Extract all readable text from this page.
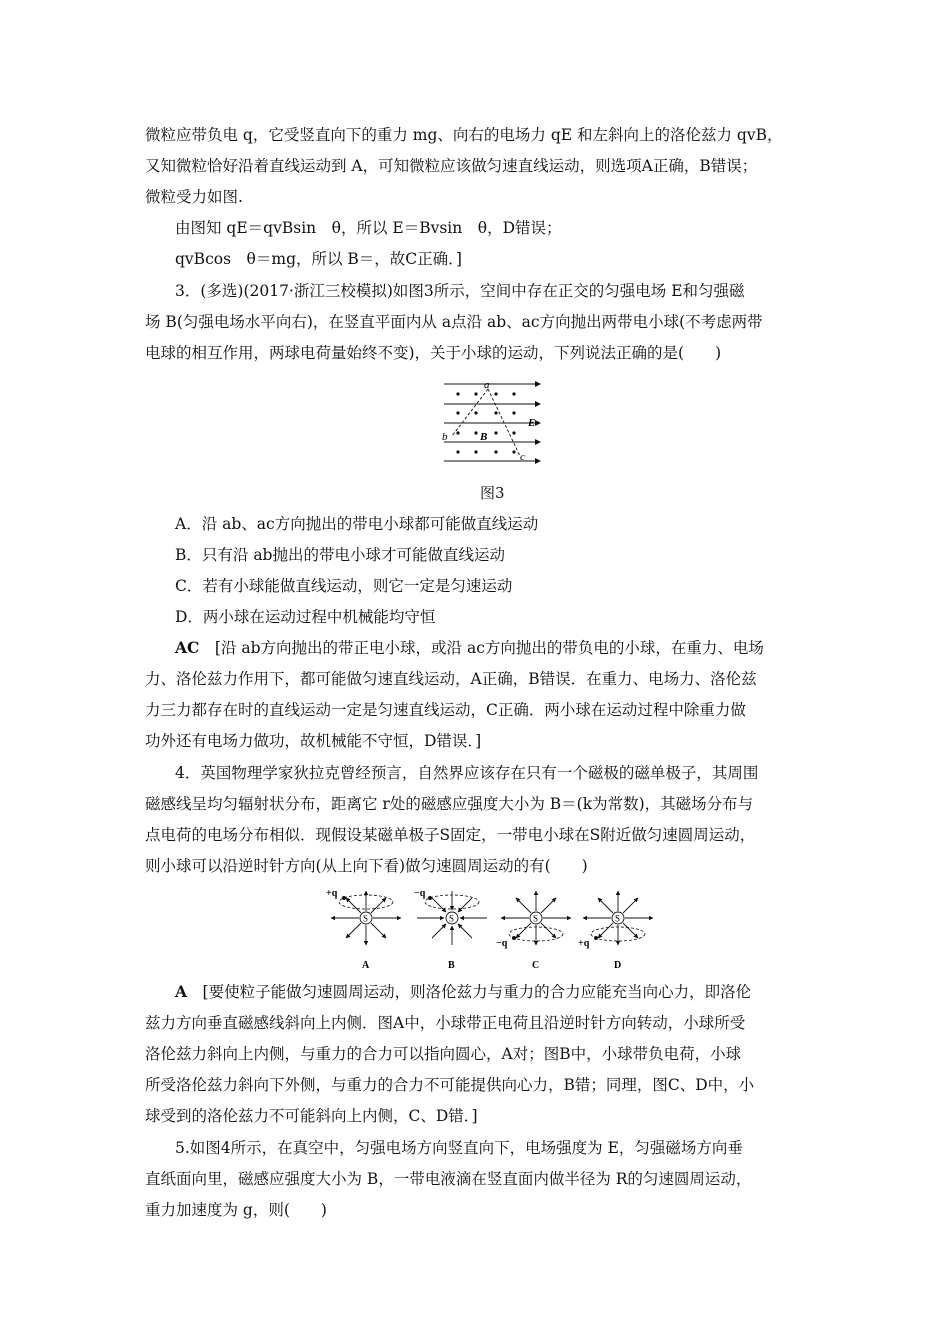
微粒应带负电 q，它受竖直向下的重力 mg、向右的电场力 qE 和左斜向上的洛伦兹力 qvB，
又知微粒恰好沿着直线运动到 A，可知微粒应该做匀速直线运动，则选项A正确，B错误；
微粒受力如图.
由图知 qE＝qvBsin　θ，所以 E＝Bvsin　θ，D错误；
qvBcos　θ＝mg，所以 B＝，故C正确．]
3．(多选)(2017·浙江三校模拟)如图3所示，空间中存在正交的匀强电场 E和匀强磁
场 B(匀强电场水平向右)，在竖直平面内从 a点沿 ab、ac方向抛出两带电小球(不考虑两带
电球的相互作用，两球电荷量始终不变)，关于小球的运动，下列说法正确的是(　　)
a
b	B
c
E
图3
A．沿 ab、ac方向抛出的带电小球都可能做直线运动
B．只有沿 ab抛出的带电小球才可能做直线运动
C．若有小球能做直线运动，则它一定是匀速运动
D．两小球在运动过程中机械能均守恒
AC　 [沿 ab方向抛出的带正电小球，或沿 ac方向抛出的带负电的小球，在重力、电场
力、洛伦兹力作用下，都可能做匀速直线运动，A正确，B错误．在重力、电场力、洛伦兹
力三力都存在时的直线运动一定是匀速直线运动，C正确．两小球在运动过程中除重力做
功外还有电场力做功，故机械能不守恒，D错误．]
4．英国物理学家狄拉克曾经预言，自然界应该存在只有一个磁极的磁单极子，其周围
磁感线呈均匀辐射状分布，距离它 r处的磁感应强度大小为 B＝(k为常数)，其磁场分布与
点电荷的电场分布相似．现假设某磁单极子S固定，一带电小球在S附近做匀速圆周运动，
则小球可以沿逆时针方向(从上向下看)做匀速圆周运动的有(　　)
S
+q
A
S
−q
B
S
−q
C
S
+q
D
A　 [要使粒子能做匀速圆周运动，则洛伦兹力与重力的合力应能充当向心力，即洛伦
兹力方向垂直磁感线斜向上内侧．图A中，小球带正电荷且沿逆时针方向转动，小球所受
洛伦兹力斜向上内侧，与重力的合力可以指向圆心，A对；图B中，小球带负电荷，小球
所受洛伦兹力斜向下外侧，与重力的合力不可能提供向心力，B错；同理，图C、D中，小
球受到的洛伦兹力不可能斜向上内侧，C、D错．]
5.如图4所示，在真空中，匀强电场方向竖直向下，电场强度为 E，匀强磁场方向垂
直纸面向里，磁感应强度大小为 B，一带电液滴在竖直面内做半径为 R的匀速圆周运动，
重力加速度为 g，则(　　)
